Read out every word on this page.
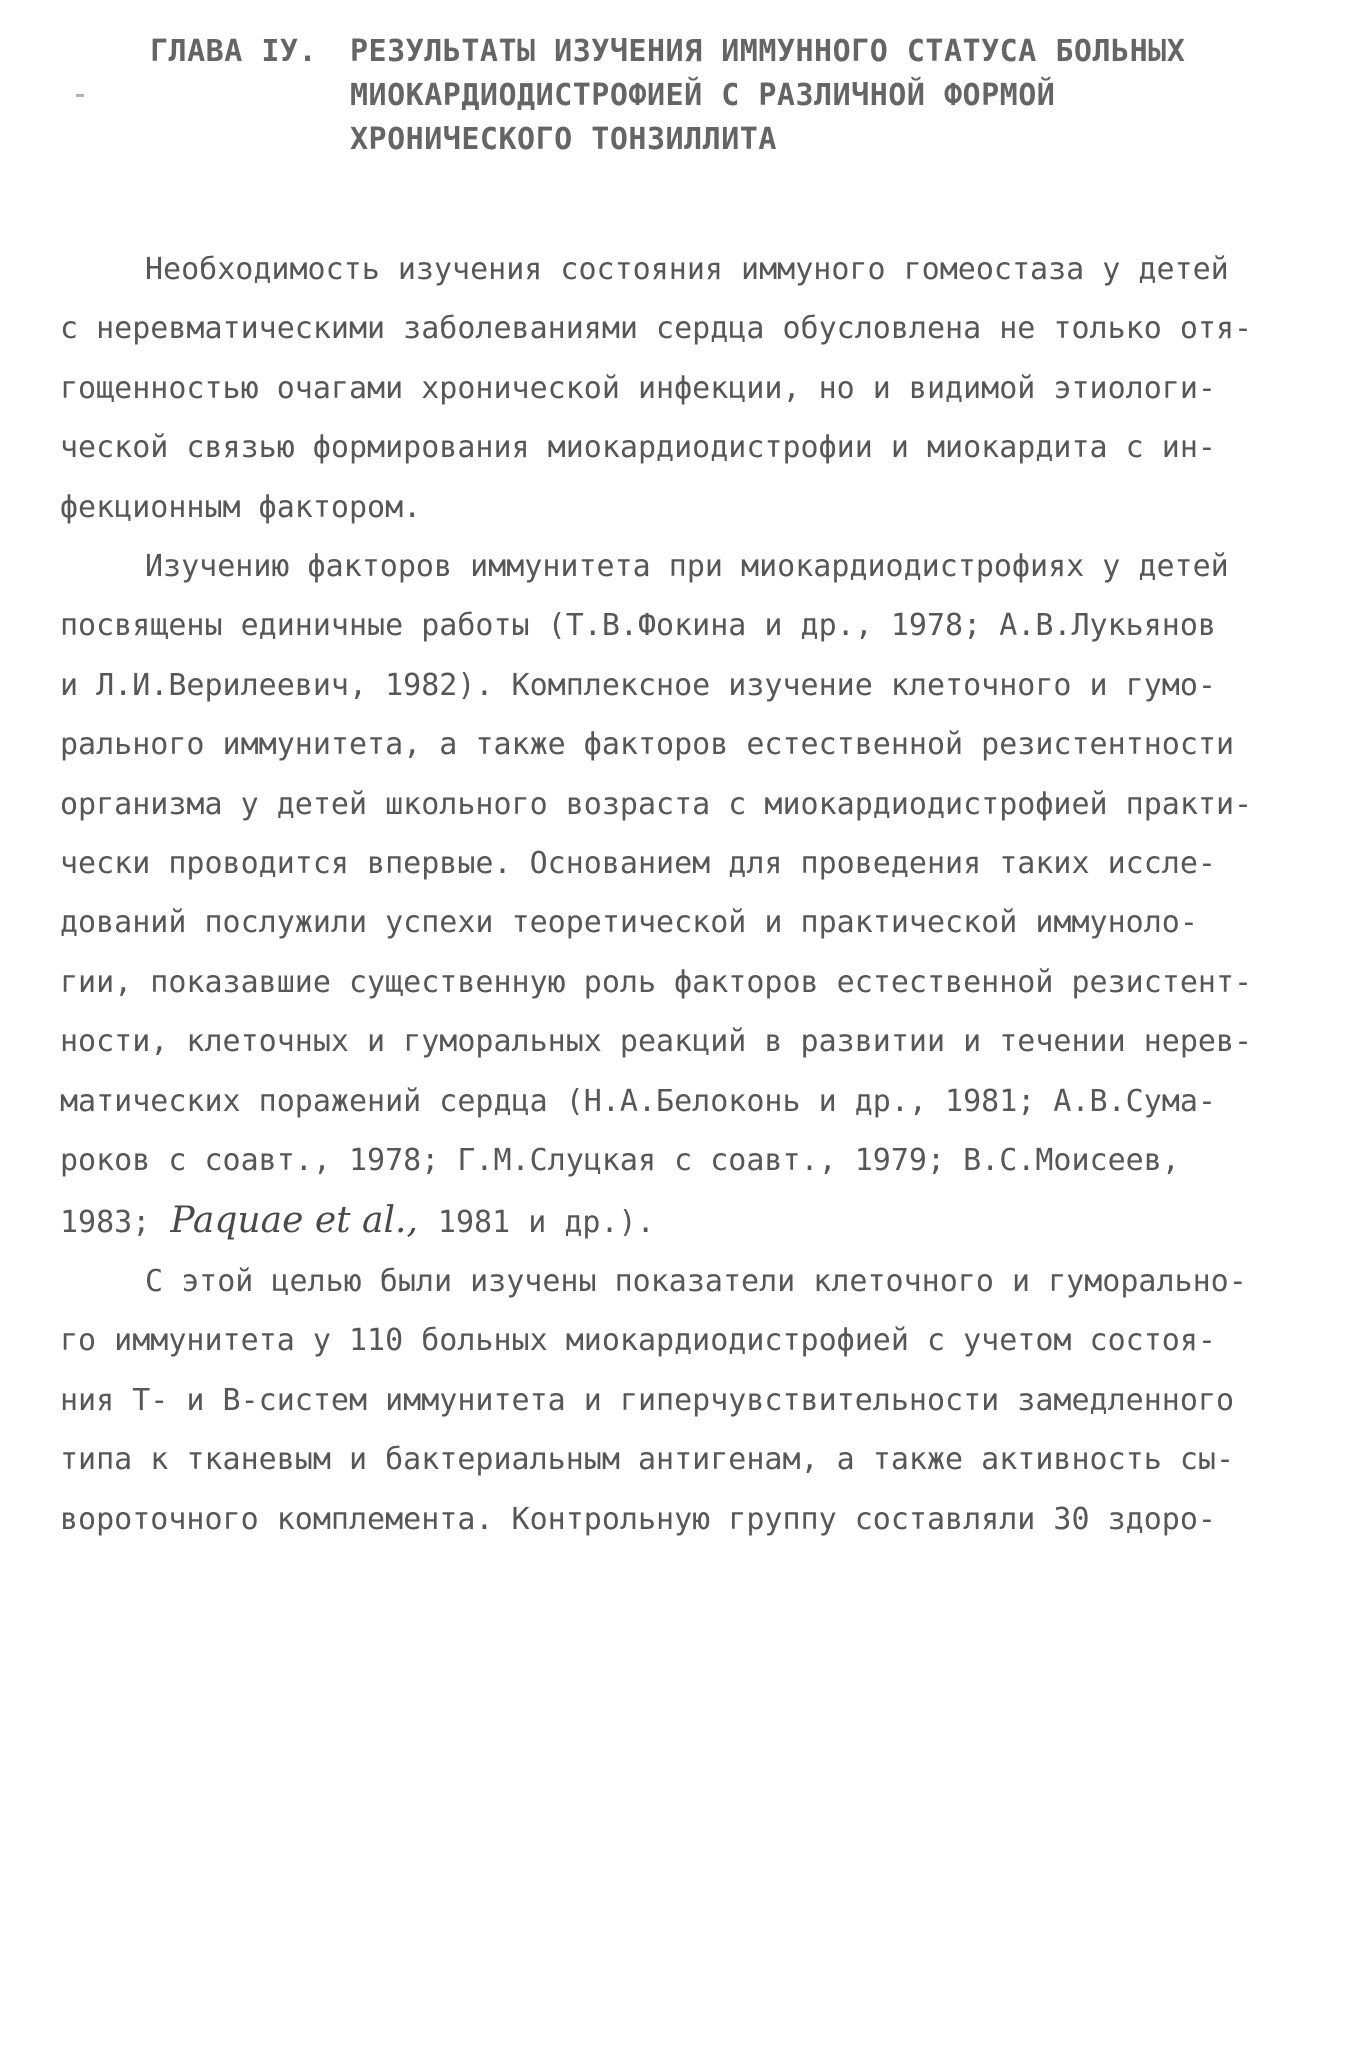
ГЛАВА IУ.	РЕЗУЛЬТАТЫ ИЗУЧЕНИЯ ИММУННОГО СТАТУСА БОЛЬНЫХ
МИОКАРДИОДИСТРОФИЕЙ С РАЗЛИЧНОЙ ФОРМОЙ
ХРОНИЧЕСКОГО ТОНЗИЛЛИТА
Необходимость изучения состояния иммуного гомеостаза у детей
с неревматическими заболеваниями сердца обусловлена не только отя-
гощенностью очагами хронической инфекции, но и видимой этиологи-
ческой связью формирования миокардиодистрофии и миокардита с ин-
фекционным фактором.
Изучению факторов иммунитета при миокардиодистрофиях у детей
посвящены единичные работы (Т.В.Фокина и др., 1978; А.В.Лукьянов
и Л.И.Верилеевич, 1982). Комплексное изучение клеточного и гумо-
рального иммунитета, а также факторов естественной резистентности
организма у детей школьного возраста с миокардиодистрофией практи-
чески проводится впервые. Основанием для проведения таких иссле-
дований послужили успехи теоретической и практической иммуноло-
гии, показавшие существенную роль факторов естественной резистент-
ности, клеточных и гуморальных реакций в развитии и течении нерев-
матических поражений сердца (Н.А.Белоконь и др., 1981; А.В.Сума-
роков с соавт., 1978; Г.М.Слуцкая с соавт., 1979; В.С.Моисеев,
1983; Paquae et al., 1981 и др.).
С этой целью были изучены показатели клеточного и гуморально-
го иммунитета у 110 больных миокардиодистрофией с учетом состоя-
ния Т- и В-систем иммунитета и гиперчувствительности замедленного
типа к тканевым и бактериальным антигенам, а также активность сы-
вороточного комплемента. Контрольную группу составляли 30 здоро-
